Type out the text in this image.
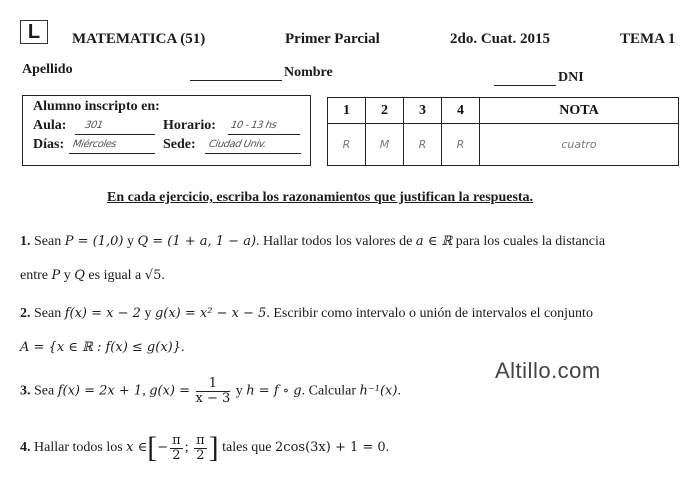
L	MATEMATICA (51)	Primer Parcial	2do. Cuat. 2015	TEMA 1
Apellido	Nombre	DNI
Alumno inscripto en:
Aula: 301	Horario: 10 - 13 hs
Días: Miércoles	Sede: Ciudad Univ.
1	2	3	4	NOTA
R	M	R	R	cuatro
En cada ejercicio, escriba los razonamientos que justifican la respuesta.
1. Sean P = (1,0) y Q = (1 + a, 1 − a). Hallar todos los valores de a ∈ ℝ para los cuales la distancia
entre P y Q es igual a √5.
2. Sean f(x) = x − 2 y g(x) = x² − x − 5. Escribir como intervalo o unión de intervalos el conjunto
A = {x ∈ ℝ : f(x) ≤ g(x)}.
3. Sea f(x) = 2x + 1, $g(x) = \frac{1}{x - 3}$ y h = f ∘ g. Calcular h⁻¹(x).
4. Hallar todos los x ∈[− $\frac{\pi}{2}$ ; $\frac{\pi}{2}$ ] tales que 2cos(3x) + 1 = 0.
Altillo.com
